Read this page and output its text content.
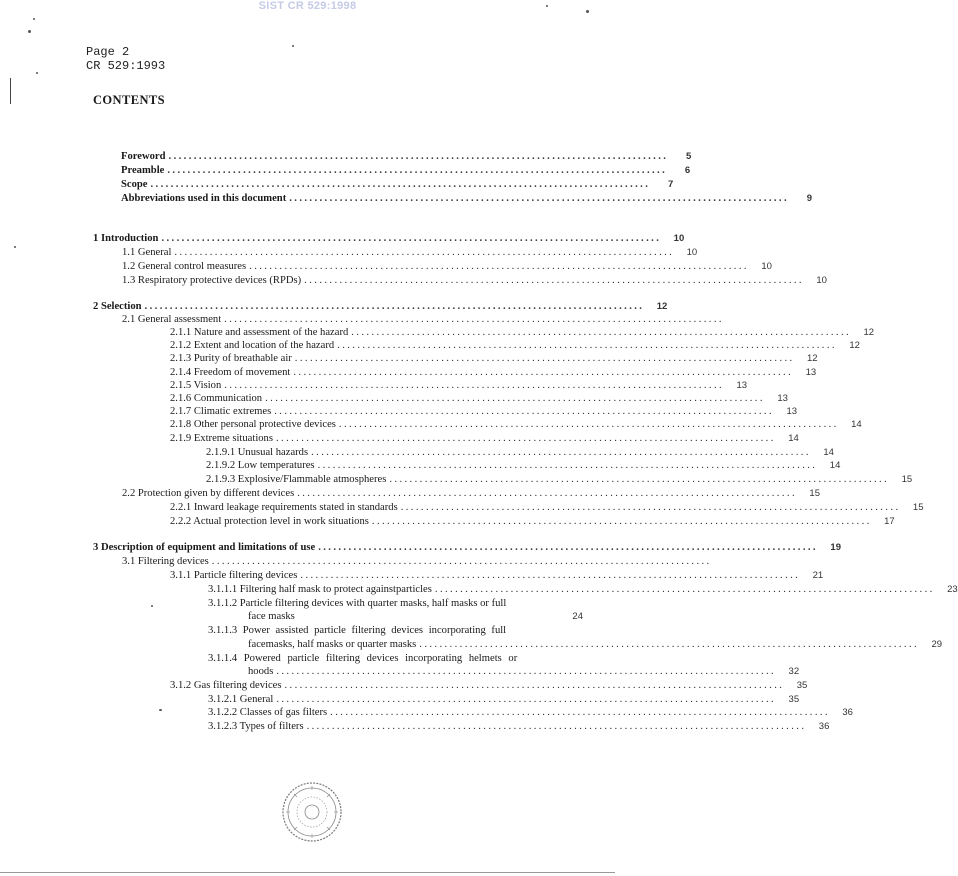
SIST CR 529:1998
Page 2
CR 529:1993
CONTENTS
Foreword ...................................................................................................	5
Preamble ...................................................................................................	6
Scope ...................................................................................................	7
Abbreviations used in this document ...................................................................................................	9
1 Introduction ...................................................................................................	10
1.1 General ...................................................................................................	10
1.2 General control measures ...................................................................................................	10
1.3 Respiratory protective devices (RPDs) ...................................................................................................	10
2 Selection ...................................................................................................	12
2.1 General assessment ...................................................................................................
2.1.1 Nature and assessment of the hazard ...................................................................................................	12
2.1.2 Extent and location of the hazard ...................................................................................................	12
2.1.3 Purity of breathable air ...................................................................................................	12
2.1.4 Freedom of movement ...................................................................................................	13
2.1.5 Vision ...................................................................................................	13
2.1.6 Communication ...................................................................................................	13
2.1.7 Climatic extremes ...................................................................................................	13
2.1.8 Other personal protective devices ...................................................................................................	14
2.1.9 Extreme situations ...................................................................................................	14
2.1.9.1 Unusual hazards ...................................................................................................	14
2.1.9.2 Low temperatures ...................................................................................................	14
2.1.9.3 Explosive/Flammable atmospheres ...................................................................................................	15
2.2 Protection given by different devices ...................................................................................................	15
2.2.1 Inward leakage requirements stated in standards ...................................................................................................	15
2.2.2 Actual protection level in work situations ...................................................................................................	17
3 Description of equipment and limitations of use ...................................................................................................	19
3.1 Filtering devices ...................................................................................................
3.1.1 Particle filtering devices ...................................................................................................	21
3.1.1.1 Filtering half mask to protect againstparticles ...................................................................................................	23
3.1.1.2 Particle filtering devices with quarter masks, half masks or full
face masks	24
3.1.1.3 Power assisted particle filtering devices incorporating full
facemasks, half masks or quarter masks ...................................................................................................	29
3.1.1.4 Powered particle filtering devices incorporating helmets or
hoods ...................................................................................................	32
3.1.2 Gas filtering devices ...................................................................................................	35
3.1.2.1 General ...................................................................................................	35
3.1.2.2 Classes of gas filters ...................................................................................................	36
3.1.2.3 Types of filters ...................................................................................................	36
